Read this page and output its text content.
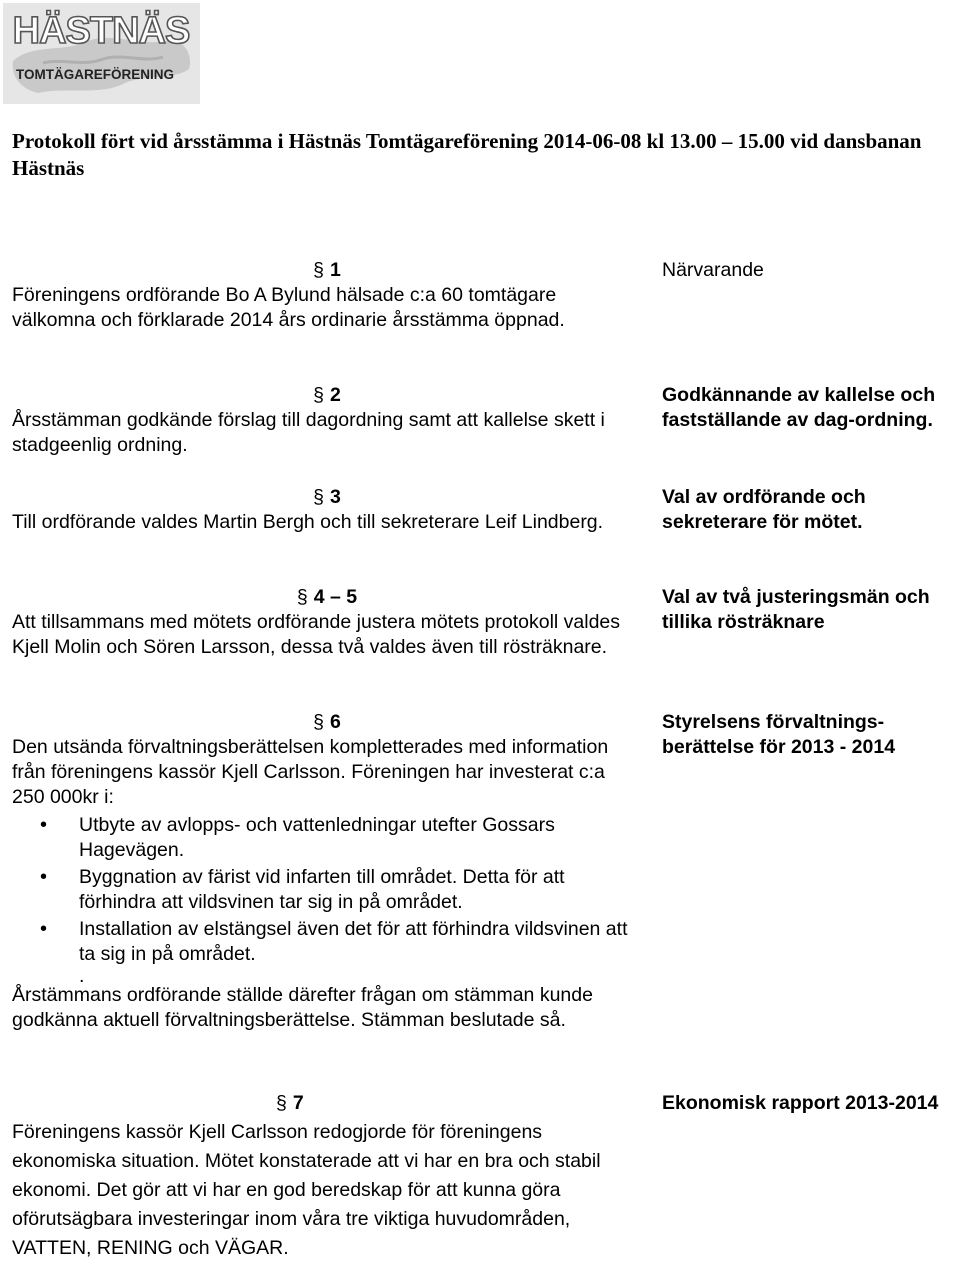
HÄSTNÄS
TOMTÄGAREFÖRENING

Protokoll fört vid årsstämma i Hästnäs Tomtägareförening 2014-06-08 kl 13.00 – 15.00 vid dansbanan Hästnäs

§ 1

Föreningens ordförande Bo A Bylund hälsade c:a 60 tomtägare välkomna och förklarade 2014 års ordinarie årsstämma öppnad.

Närvarande

§ 2

Årsstämman godkände förslag till dagordning samt att kallelse skett i stadgeenlig ordning.

Godkännande av kallelse och fastställande av dag-ordning.

§ 3

Till ordförande valdes Martin Bergh och till sekreterare Leif Lindberg.

Val av ordförande och sekreterare för mötet.

§ 4 – 5

Att tillsammans med mötets ordförande justera mötets protokoll valdes Kjell Molin och Sören Larsson, dessa två valdes även till rösträknare.

Val av två justeringsmän och tillika rösträknare

§ 6

Den utsända förvaltningsberättelsen kompletterades med information från föreningens kassör Kjell Carlsson. Föreningen har investerat c:a 250 000kr i:

• Utbyte av avlopps- och vattenledningar utefter Gossars Hagevägen.
• Byggnation av färist vid infarten till området. Detta för att förhindra att vildsvinen tar sig in på området.
• Installation av elstängsel även det för att förhindra vildsvinen att ta sig in på området.

.

Årstämmans ordförande ställde därefter frågan om stämman kunde godkänna aktuell förvaltningsberättelse. Stämman beslutade så.

Styrelsens förvaltnings-berättelse för 2013 - 2014

§ 7

Föreningens kassör Kjell Carlsson redogjorde för föreningens ekonomiska situation. Mötet konstaterade att vi har en bra och stabil ekonomi. Det gör att vi har en god beredskap för att kunna göra oförutsägbara investeringar inom våra tre viktiga huvudområden, VATTEN, RENING och VÄGAR.

Ekonomisk rapport 2013-2014
